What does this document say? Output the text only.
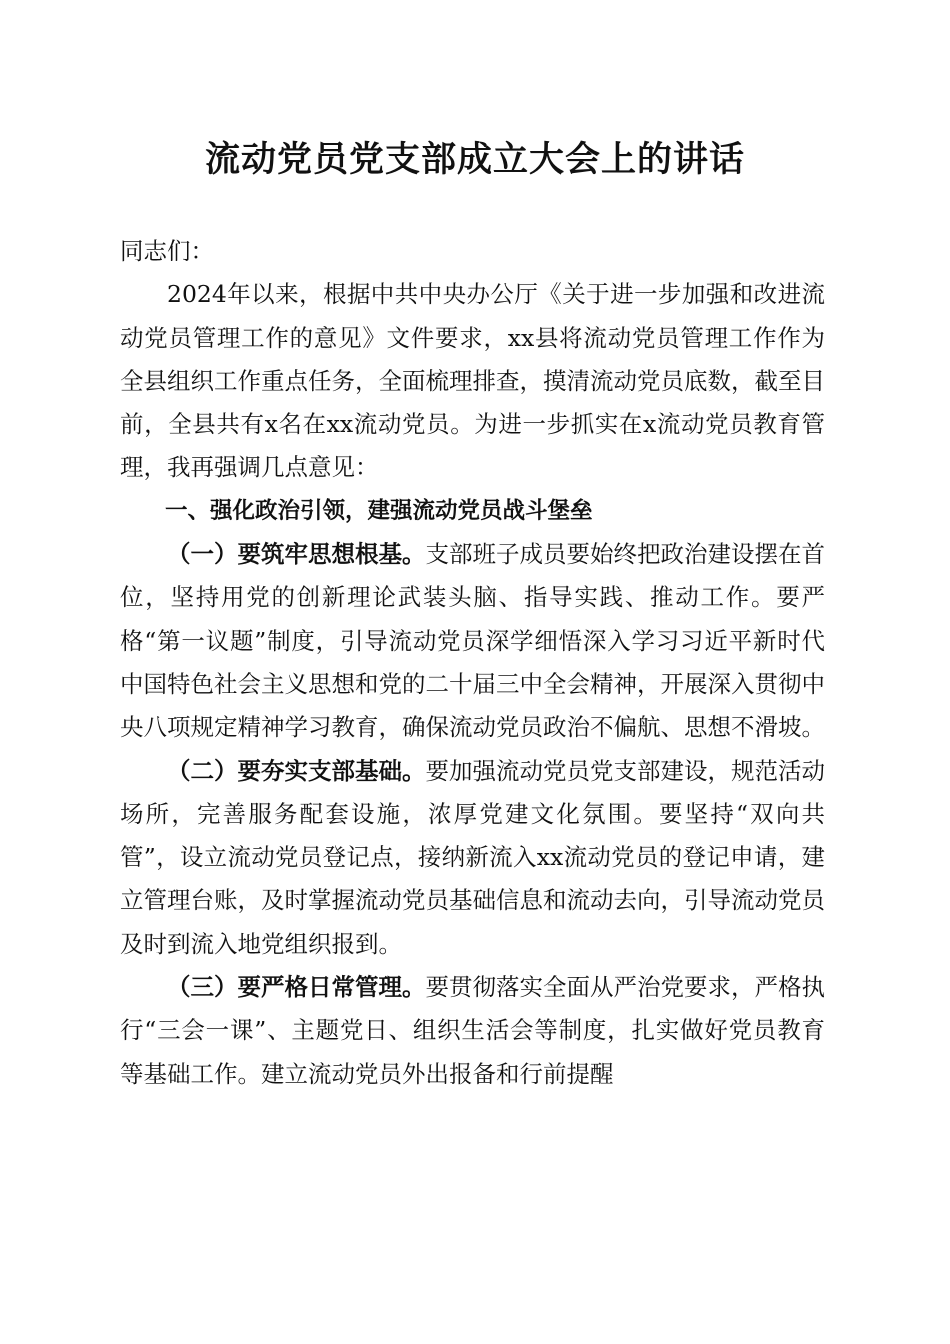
流动党员党支部成立大会上的讲话

同志们：

2024年以来，根据中共中央办公厅《关于进一步加强和改进流动党员管理工作的意见》文件要求，xx县将流动党员管理工作作为全县组织工作重点任务，全面梳理排查，摸清流动党员底数，截至目前，全县共有x名在xx流动党员。为进一步抓实在x流动党员教育管理，我再强调几点意见：

一、强化政治引领，建强流动党员战斗堡垒

（一）要筑牢思想根基。支部班子成员要始终把政治建设摆在首位，坚持用党的创新理论武装头脑、指导实践、推动工作。要严格“第一议题”制度，引导流动党员深学细悟深入学习习近平新时代中国特色社会主义思想和党的二十届三中全会精神，开展深入贯彻中央八项规定精神学习教育，确保流动党员政治不偏航、思想不滑坡。

（二）要夯实支部基础。要加强流动党员党支部建设，规范活动场所，完善服务配套设施，浓厚党建文化氛围。要坚持“双向共管”，设立流动党员登记点，接纳新流入xx流动党员的登记申请，建立管理台账，及时掌握流动党员基础信息和流动去向，引导流动党员及时到流入地党组织报到。

（三）要严格日常管理。要贯彻落实全面从严治党要求，严格执行“三会一课”、主题党日、组织生活会等制度，扎实做好党员教育等基础工作。建立流动党员外出报备和行前提醒
